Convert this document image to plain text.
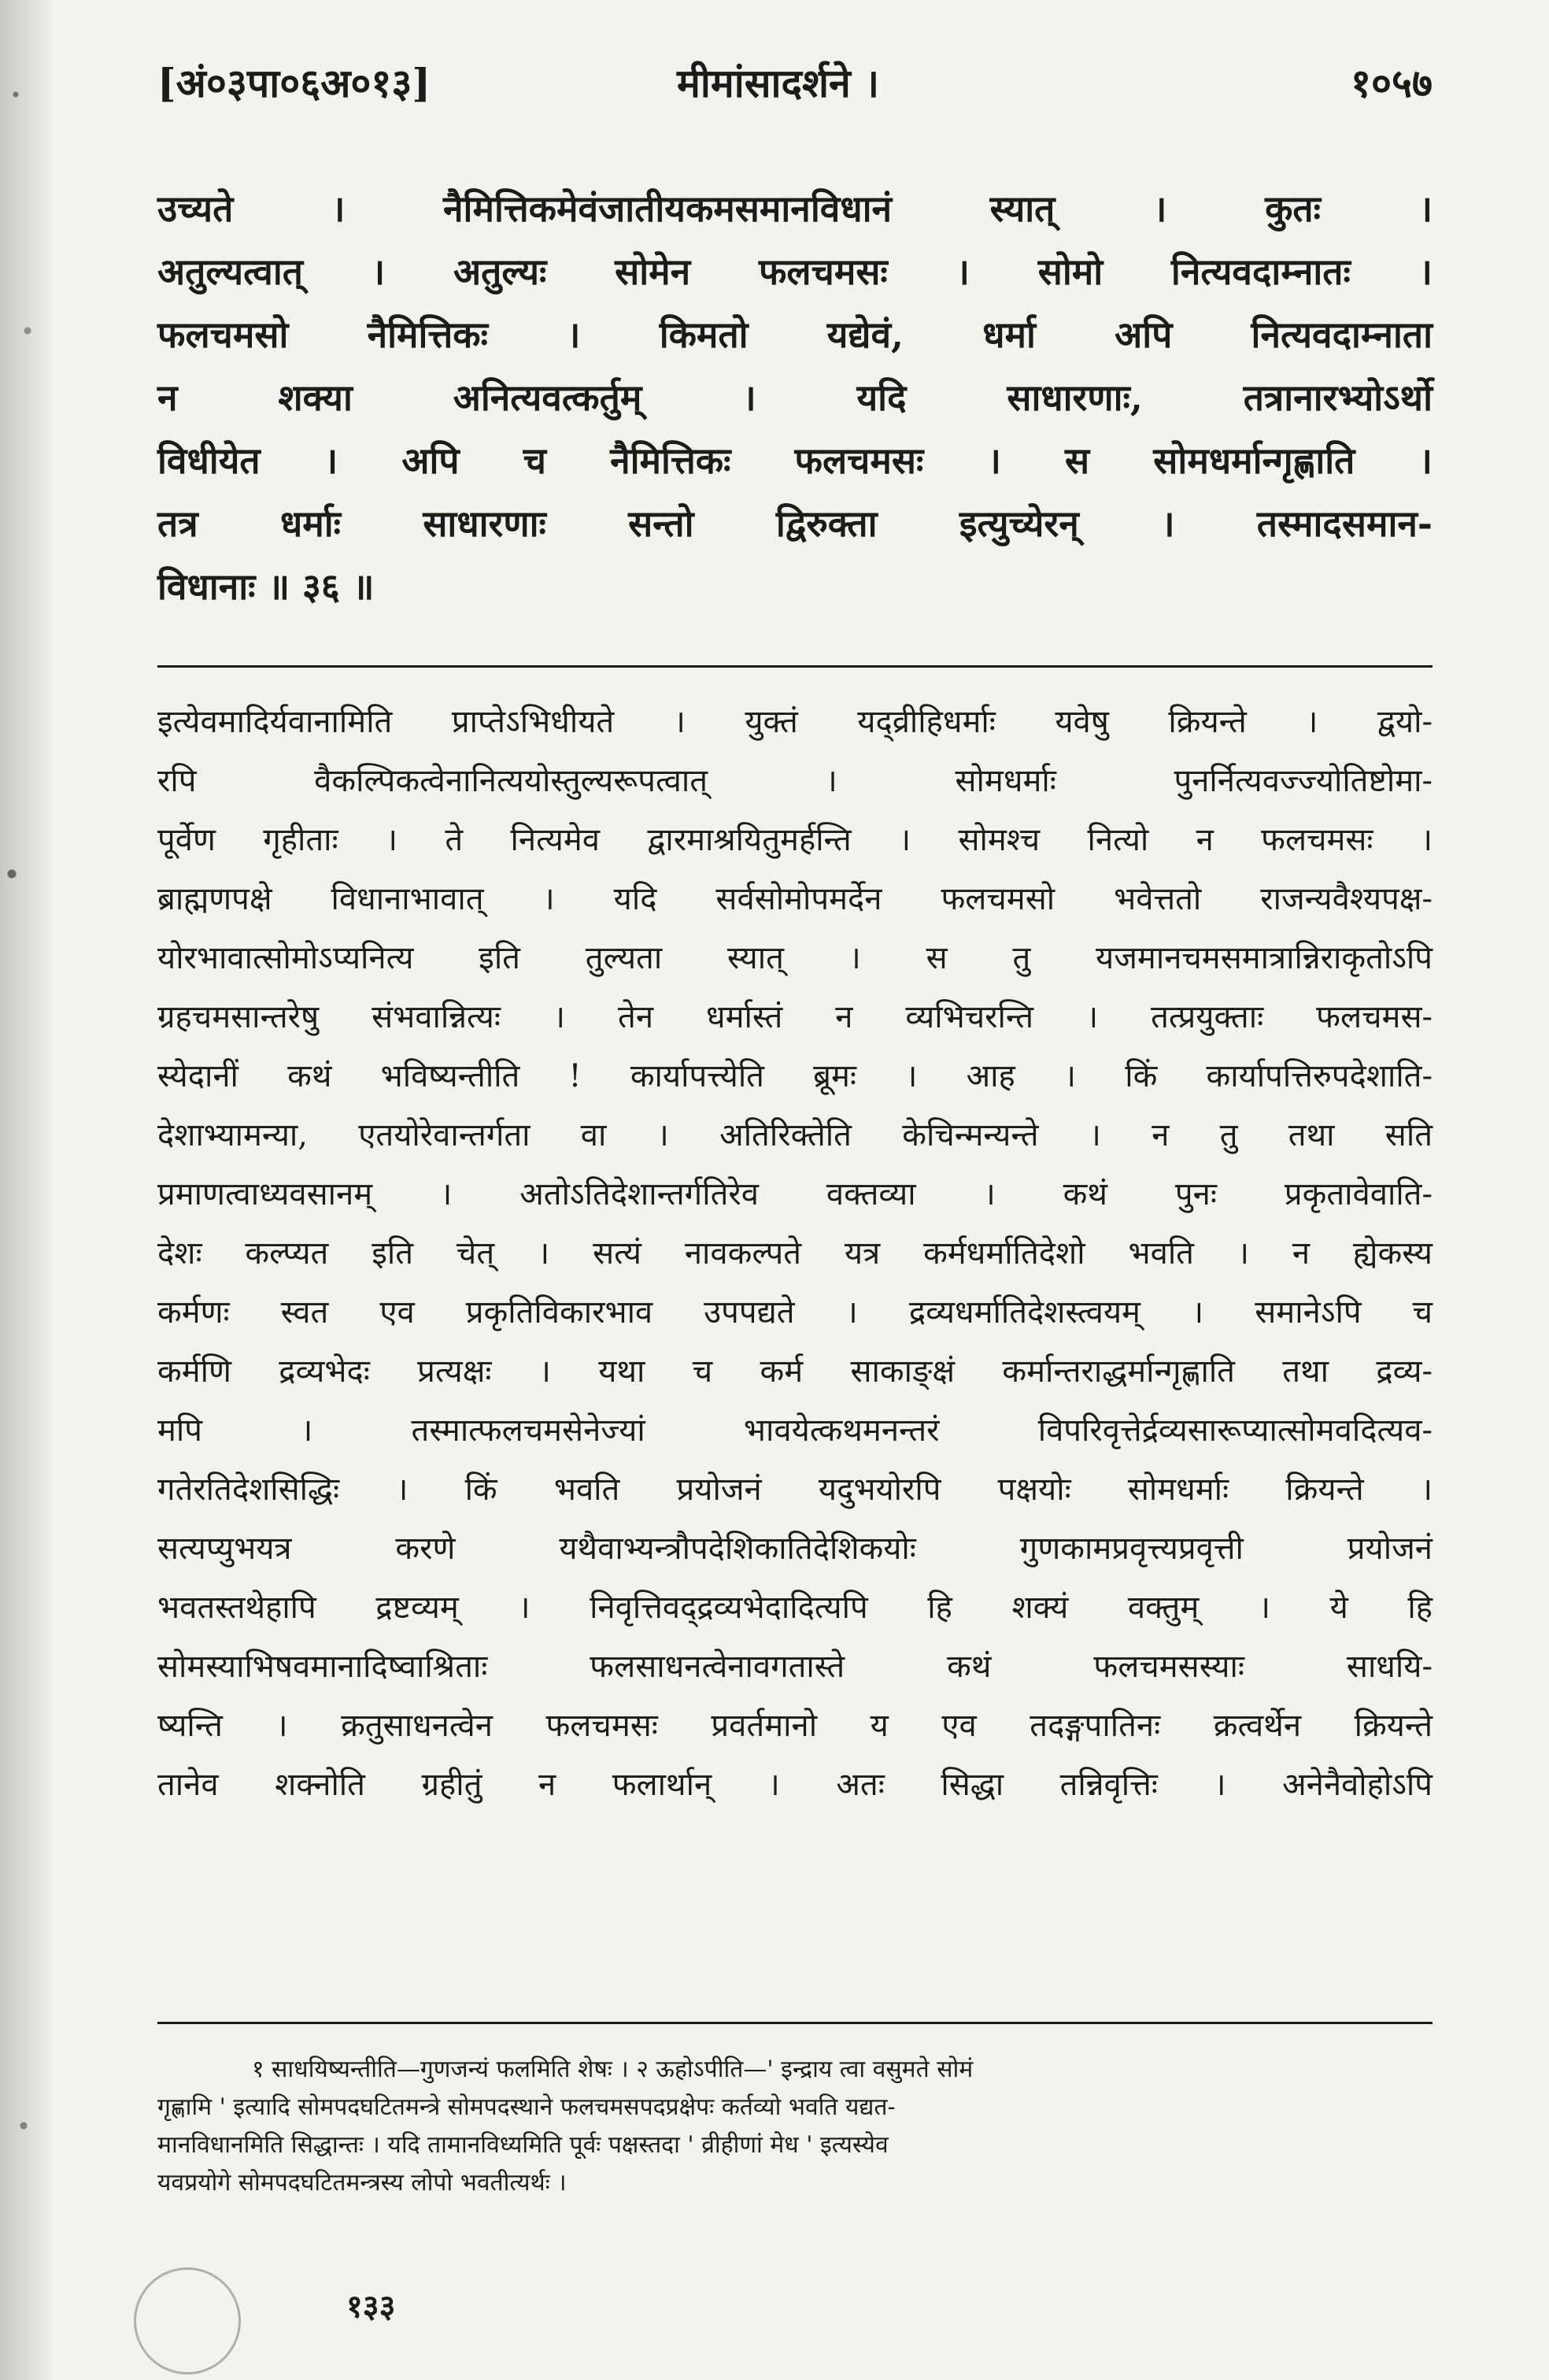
[अं०३पा०६अ०१३]	मीमांसादर्शने ।	१०५७
उच्यते । नैमित्तिकमेवंजातीयकमसमानविधानं स्यात् । कुतः ।
अतुल्यत्वात् । अतुल्यः सोमेन फलचमसः । सोमो नित्यवदाम्नातः ।
फलचमसो नैमित्तिकः । किमतो यद्येवं, धर्मा अपि नित्यवदाम्नाता
न शक्या अनित्यवत्कर्तुम् । यदि साधारणाः, तत्रानारभ्योऽर्थो
विधीयेत । अपि च नैमित्तिकः फलचमसः । स सोमधर्मान्गृह्णाति ।
तत्र धर्माः साधारणाः सन्तो द्विरुक्ता इत्युच्येरन् । तस्मादसमान-
विधानाः ॥ ३६ ॥
इत्येवमादिर्यवानामिति प्राप्तेऽभिधीयते । युक्तं यद्व्रीहिधर्माः यवेषु क्रियन्ते । द्वयो-
रपि वैकल्पिकत्वेनानित्ययोस्तुल्यरूपत्वात् । सोमधर्माः पुनर्नित्यवज्ज्योतिष्टोमा-
पूर्वेण गृहीताः । ते नित्यमेव द्वारमाश्रयितुमर्हन्ति । सोमश्च नित्यो न फलचमसः ।
ब्राह्मणपक्षे विधानाभावात् । यदि सर्वसोमोपमर्देन फलचमसो भवेत्ततो राजन्यवैश्यपक्ष-
योरभावात्सोमोऽप्यनित्य इति तुल्यता स्यात् । स तु यजमानचमसमात्रान्निराकृतोऽपि
ग्रहचमसान्तरेषु संभवान्नित्यः । तेन धर्मास्तं न व्यभिचरन्ति । तत्प्रयुक्ताः फलचमस-
स्येदानीं कथं भविष्यन्तीति ! कार्यापत्त्येति ब्रूमः । आह । किं कार्यापत्तिरुपदेशाति-
देशाभ्यामन्या, एतयोरेवान्तर्गता वा । अतिरिक्तेति केचिन्मन्यन्ते । न तु तथा सति
प्रमाणत्वाध्यवसानम् । अतोऽतिदेशान्तर्गतिरेव वक्तव्या । कथं पुनः प्रकृतावेवाति-
देशः कल्प्यत इति चेत् । सत्यं नावकल्पते यत्र कर्मधर्मातिदेशो भवति । न ह्येकस्य
कर्मणः स्वत एव प्रकृतिविकारभाव उपपद्यते । द्रव्यधर्मातिदेशस्त्वयम् । समानेऽपि च
कर्मणि द्रव्यभेदः प्रत्यक्षः । यथा च कर्म साकाङ्क्षं कर्मान्तराद्धर्मान्गृह्णाति तथा द्रव्य-
मपि । तस्मात्फलचमसेनेज्यां भावयेत्कथमनन्तरं विपरिवृत्तेर्द्रव्यसारूप्यात्सोमवदित्यव-
गतेरतिदेशसिद्धिः । किं भवति प्रयोजनं यदुभयोरपि पक्षयोः सोमधर्माः क्रियन्ते ।
सत्यप्युभयत्र करणे यथैवाभ्यन्त्रौपदेशिकातिदेशिकयोः गुणकामप्रवृत्त्यप्रवृत्ती प्रयोजनं
भवतस्तथेहापि द्रष्टव्यम् । निवृत्तिवद्द्रव्यभेदादित्यपि हि शक्यं वक्तुम् । ये हि
सोमस्याभिषवमानादिष्वाश्रिताः फलसाधनत्वेनावगतास्ते कथं फलचमसस्याः साधयि-
ष्यन्ति । क्रतुसाधनत्वेन फलचमसः प्रवर्तमानो य एव तदङ्गपातिनः क्रत्वर्थेन क्रियन्ते
तानेव शक्नोति ग्रहीतुं न फलार्थान् । अतः सिद्धा तन्निवृत्तिः । अनेनैवोहोऽपि
१ साधयिष्यन्तीति—गुणजन्यं फलमिति शेषः । २ ऊहोऽपीति—' इन्द्राय त्वा वसुमते सोमं
गृह्णामि ' इत्यादि सोमपदघटितमन्त्रे सोमपदस्थाने फलचमसपदप्रक्षेपः कर्तव्यो भवति यद्यत-
मानविधानमिति सिद्धान्तः । यदि तामानविध्यमिति पूर्वः पक्षस्तदा ' व्रीहीणां मेध ' इत्यस्येव
यवप्रयोगे सोमपदघटितमन्त्रस्य लोपो भवतीत्यर्थः ।
१३३
